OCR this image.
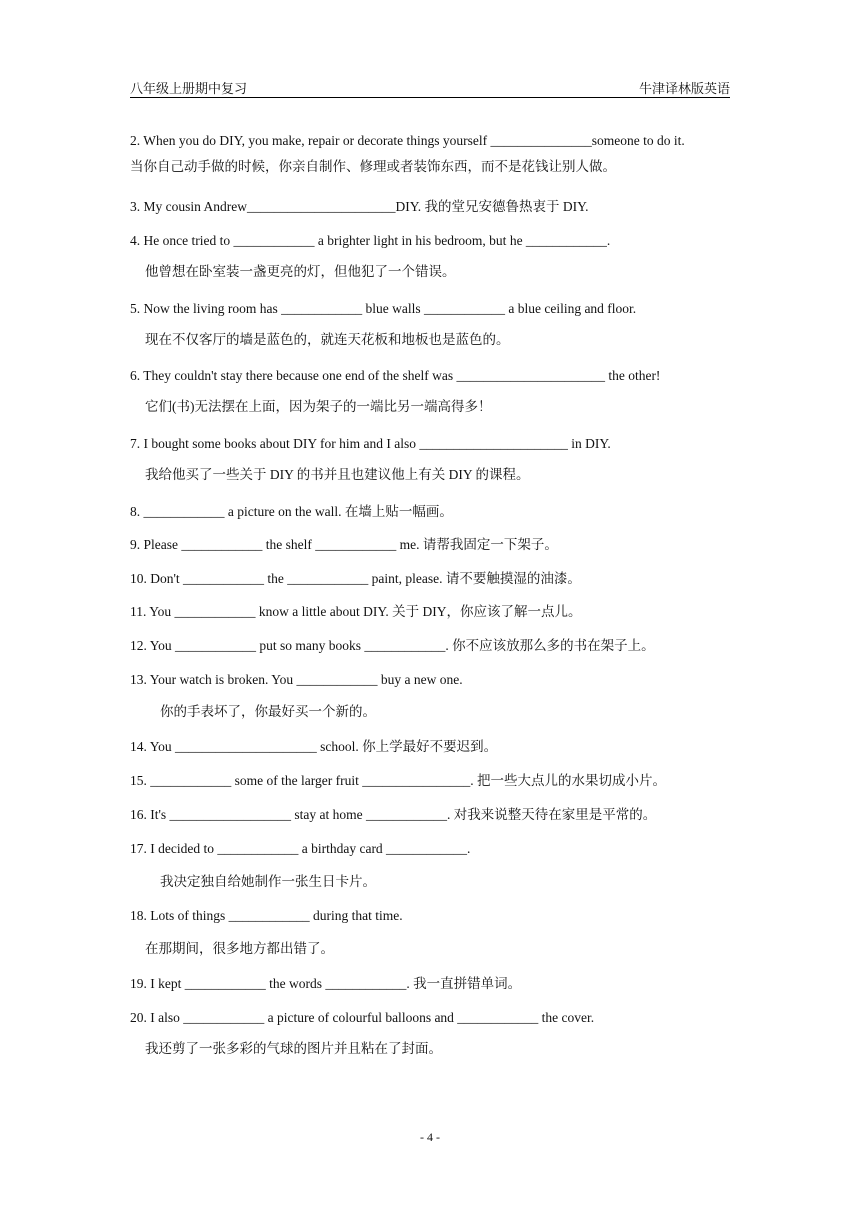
八年级上册期中复习	牛津译林版英语
2. When you do DIY, you make, repair or decorate things yourself _______________someone to do it.
当你自己动手做的时候，你亲自制作、修理或者装饰东西，而不是花钱让别人做。
3. My cousin Andrew______________________DIY. 我的堂兄安德鲁热衷于 DIY.
4. He once tried to ____________ a brighter light in his bedroom, but he ____________.
他曾想在卧室装一盏更亮的灯，但他犯了一个错误。
5. Now the living room has ____________ blue walls ____________ a blue ceiling and floor.
现在不仅客厅的墙是蓝色的，就连天花板和地板也是蓝色的。
6. They couldn't stay there because one end of the shelf was ______________________ the other!
它们(书)无法摆在上面，因为架子的一端比另一端高得多！
7. I bought some books about DIY for him and I also ______________________ in DIY.
我给他买了一些关于 DIY 的书并且也建议他上有关 DIY 的课程。
8. ____________ a picture on the wall. 在墙上贴一幅画。
9. Please ____________ the shelf ____________ me. 请帮我固定一下架子。
10. Don't ____________ the ____________ paint, please. 请不要触摸湿的油漆。
11. You ____________ know a little about DIY. 关于 DIY，你应该了解一点儿。
12. You ____________ put so many books ____________. 你不应该放那么多的书在架子上。
13. Your watch is broken. You ____________ buy a new one.
你的手表坏了，你最好买一个新的。
14. You _____________________ school. 你上学最好不要迟到。
15. ____________ some of the larger fruit ________________. 把一些大点儿的水果切成小片。
16. It's __________________ stay at home ____________. 对我来说整天待在家里是平常的。
17. I decided to ____________ a birthday card ____________.
我决定独自给她制作一张生日卡片。
18. Lots of things ____________ during that time.
在那期间，很多地方都出错了。
19. I kept ____________ the words ____________. 我一直拼错单词。
20. I also ____________ a picture of colourful balloons and ____________ the cover.
我还剪了一张多彩的气球的图片并且粘在了封面。
- 4 -
